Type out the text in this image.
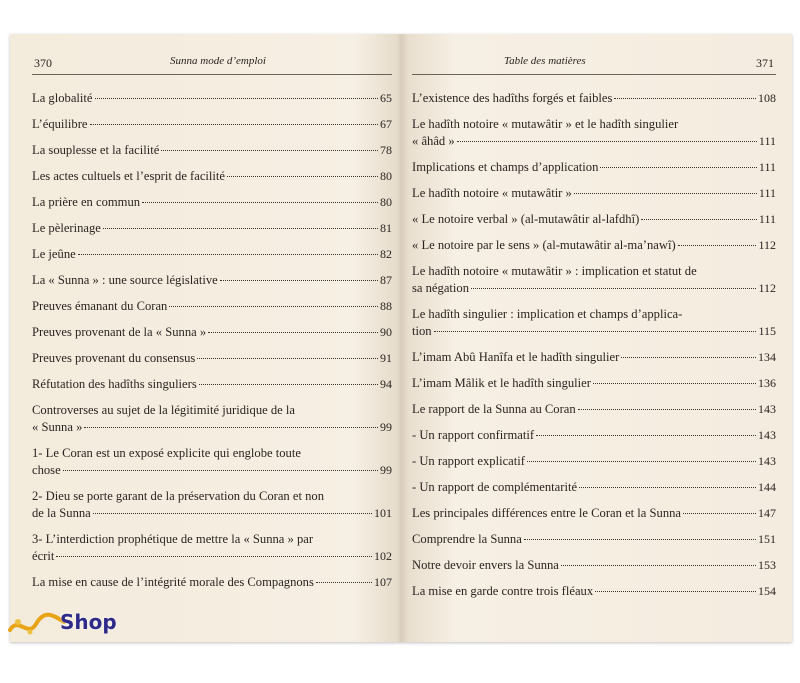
370	Sunna mode d’emploi
La globalité	65
L’équilibre	67
La souplesse et la facilité	78
Les actes cultuels et l’esprit de facilité	80
La prière en commun	80
Le pèlerinage	81
Le jeûne	82
La « Sunna » : une source législative	87
Preuves émanant du Coran	88
Preuves provenant de la « Sunna »	90
Preuves provenant du consensus	91
Réfutation des hadîths singuliers	94
Controverses au sujet de la légitimité juridique de la
« Sunna »	99
1- Le Coran est un exposé explicite qui englobe toute
chose	99
2- Dieu se porte garant de la préservation du Coran et non
de la Sunna	101
3- L’interdiction prophétique de mettre la « Sunna » par
écrit	102
La mise en cause de l’intégrité morale des Compagnons	107
Table des matières	371
L’existence des hadîths forgés et faibles	108
Le hadîth notoire « mutawâtir » et le hadîth singulier
« âhâd »	111
Implications et champs d’application	111
Le hadîth notoire « mutawâtir »	111
« Le notoire verbal » (al-mutawâtir al-lafdhî)	111
« Le notoire par le sens » (al-mutawâtir al-ma’nawî)	112
Le hadîth notoire « mutawâtir » : implication et statut de
sa négation	112
Le hadîth singulier : implication et champs d’applica-
tion	115
L’imam Abû Hanîfa et le hadîth singulier	134
L’imam Mâlik et le hadîth singulier	136
Le rapport de la Sunna au Coran	143
- Un rapport confirmatif	143
- Un rapport explicatif	143
- Un rapport de complémentarité	144
Les principales différences entre le Coran et la Sunna	147
Comprendre la Sunna	151
Notre devoir envers la Sunna	153
La mise en garde contre trois fléaux	154
Shop
